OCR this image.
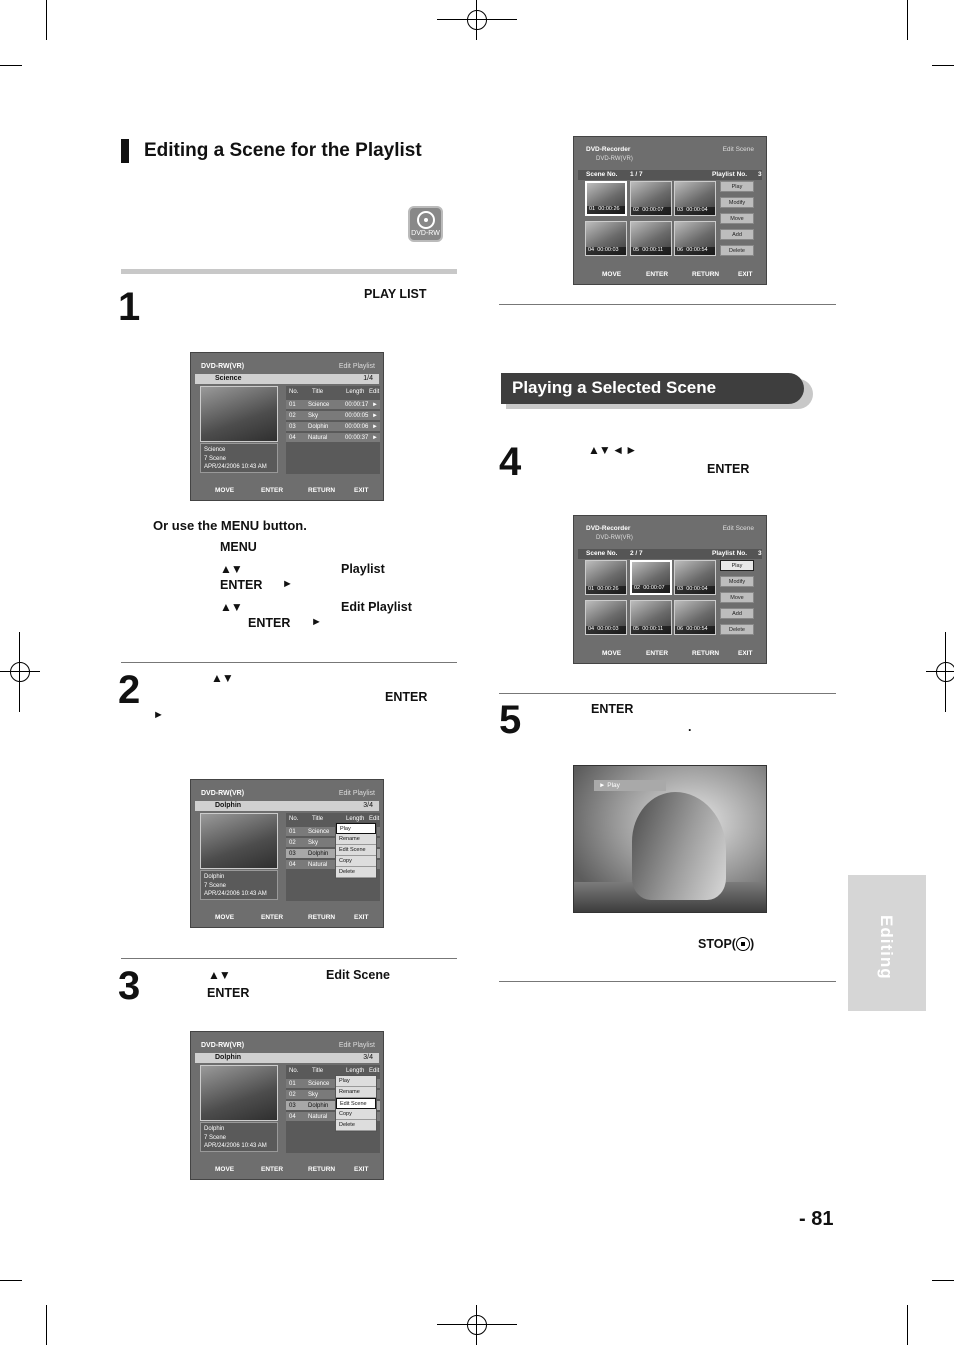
Editing a Scene for the Playlist
DVD-RW
1	PLAY LIST
DVD-RW(VR)	Edit Playlist
Science	1/4
Science
7 Scene
APR/24/2006 10:43 AM
No. Title	Length Edit
01 Science	00:00:17 ►
02 Sky	00:00:05 ►
03 Dolphin	00:00:06 ►
04 Natural	00:00:37 ►
MOVE	ENTER	RETURN	EXIT
Or use the MENU button.
MENU
▲▼	Playlist
ENTER ►
▲▼	Edit Playlist
ENTER ►
2	▲▼
ENTER
►
DVD-RW(VR)	Edit Playlist
Dolphin	3/4
Dolphin
7 Scene
APR/24/2006 10:43 AM
No. Title	Length Edit
01 Science
02 Sky
03 Dolphin
04 Natural
Play
Rename
Edit Scene
Copy
Delete
MOVE	ENTER	RETURN	EXIT
3	▲▼	Edit Scene
ENTER
DVD-RW(VR)	Edit Playlist
Dolphin	3/4
Dolphin
7 Scene
APR/24/2006 10:43 AM
No. Title	Length Edit
01 Science
02 Sky
03 Dolphin
04 Natural
Play
Rename
Edit Scene
Copy
Delete
MOVE	ENTER	RETURN	EXIT
DVD-Recorder	Edit Scene
DVD-RW(VR)
Scene No. 1 / 7	Playlist No. 3
01 00:00:26	02 00:00:07	03 00:00:04
04 00:00:03	05 00:00:11	06 00:00:54
Play
Modify
Move
Add
Delete
MOVE	ENTER	RETURN	EXIT
Playing a Selected Scene
4	▲▼ ◄ ►
ENTER
DVD-Recorder	Edit Scene
DVD-RW(VR)
Scene No. 2 / 7	Playlist No. 3
01 00:00:26	02 00:00:07	03 00:00:04
04 00:00:03	05 00:00:11	06 00:00:54
Play
Modify
Move
Add
Delete
MOVE	ENTER	RETURN	EXIT
5	ENTER
.
► Play
STOP( )	Editing
- 81
